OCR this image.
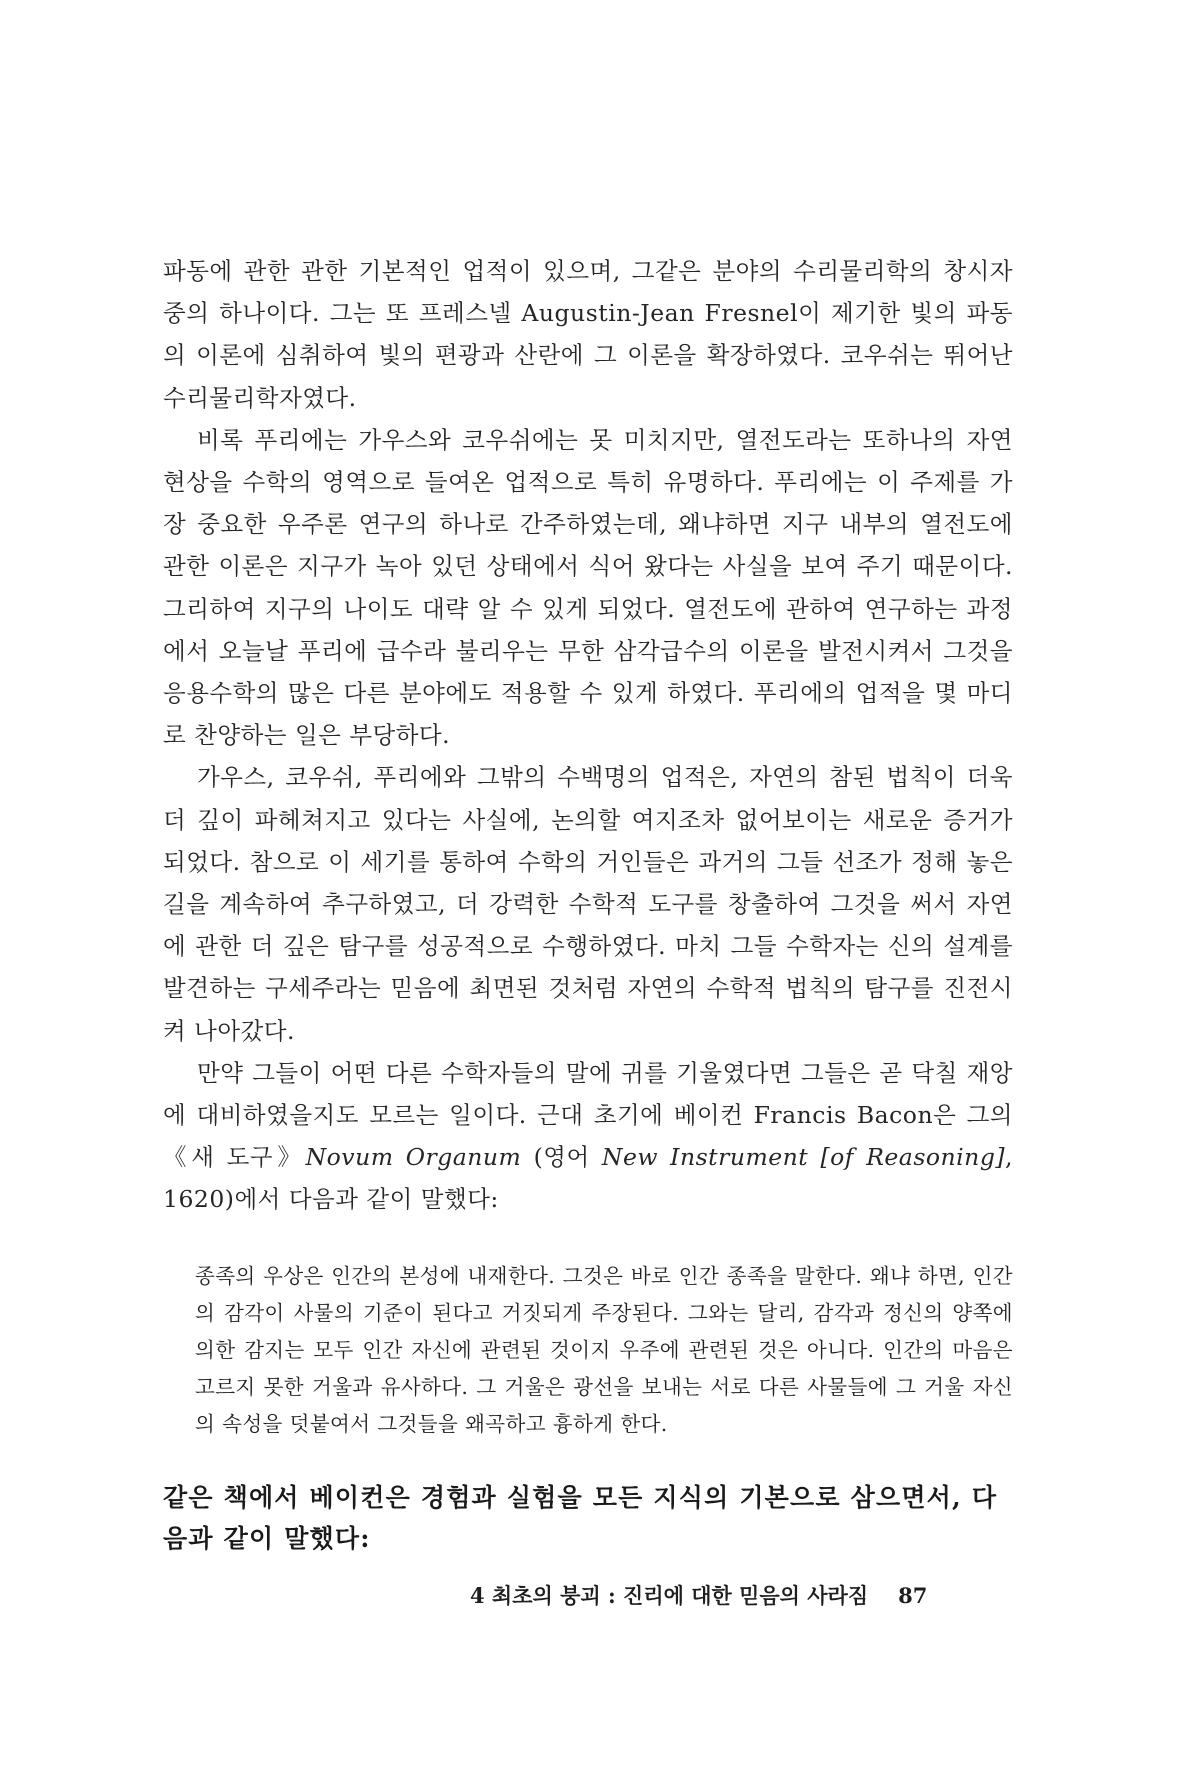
파동에 관한 관한 기본적인 업적이 있으며, 그같은 분야의 수리물리학의 창시자 중의 하나이다. 그는 또 프레스넬 Augustin-Jean Fresnel이 제기한 빛의 파동의 이론에 심취하여 빛의 편광과 산란에 그 이론을 확장하였다. 코우쉬는 뛰어난 수리물리학자였다.

비록 푸리에는 가우스와 코우쉬에는 못 미치지만, 열전도라는 또하나의 자연 현상을 수학의 영역으로 들여온 업적으로 특히 유명하다. 푸리에는 이 주제를 가장 중요한 우주론 연구의 하나로 간주하였는데, 왜냐하면 지구 내부의 열전도에 관한 이론은 지구가 녹아 있던 상태에서 식어 왔다는 사실을 보여 주기 때문이다. 그리하여 지구의 나이도 대략 알 수 있게 되었다. 열전도에 관하여 연구하는 과정에서 오늘날 푸리에 급수라 불리우는 무한 삼각급수의 이론을 발전시켜서 그것을 응용수학의 많은 다른 분야에도 적용할 수 있게 하였다. 푸리에의 업적을 몇 마디로 찬양하는 일은 부당하다.

가우스, 코우쉬, 푸리에와 그밖의 수백명의 업적은, 자연의 참된 법칙이 더욱 더 깊이 파헤쳐지고 있다는 사실에, 논의할 여지조차 없어보이는 새로운 증거가 되었다. 참으로 이 세기를 통하여 수학의 거인들은 과거의 그들 선조가 정해 놓은 길을 계속하여 추구하였고, 더 강력한 수학적 도구를 창출하여 그것을 써서 자연에 관한 더 깊은 탐구를 성공적으로 수행하였다. 마치 그들 수학자는 신의 설계를 발견하는 구세주라는 믿음에 최면된 것처럼 자연의 수학적 법칙의 탐구를 진전시켜 나아갔다.

만약 그들이 어떤 다른 수학자들의 말에 귀를 기울였다면 그들은 곧 닥칠 재앙에 대비하였을지도 모르는 일이다. 근대 초기에 베이컨 Francis Bacon은 그의 《새 도구》Novum Organum (영어 New Instrument [of Reasoning], 1620)에서 다음과 같이 말했다:

종족의 우상은 인간의 본성에 내재한다. 그것은 바로 인간 종족을 말한다. 왜냐 하면, 인간의 감각이 사물의 기준이 된다고 거짓되게 주장된다. 그와는 달리, 감각과 정신의 양쪽에 의한 감지는 모두 인간 자신에 관련된 것이지 우주에 관련된 것은 아니다. 인간의 마음은 고르지 못한 거울과 유사하다. 그 거울은 광선을 보내는 서로 다른 사물들에 그 거울 자신의 속성을 덧붙여서 그것들을 왜곡하고 흉하게 한다.

같은 책에서 베이컨은 경험과 실험을 모든 지식의 기본으로 삼으면서, 다음과 같이 말했다:

4 최초의 붕괴 : 진리에 대한 믿음의 사라짐 87
